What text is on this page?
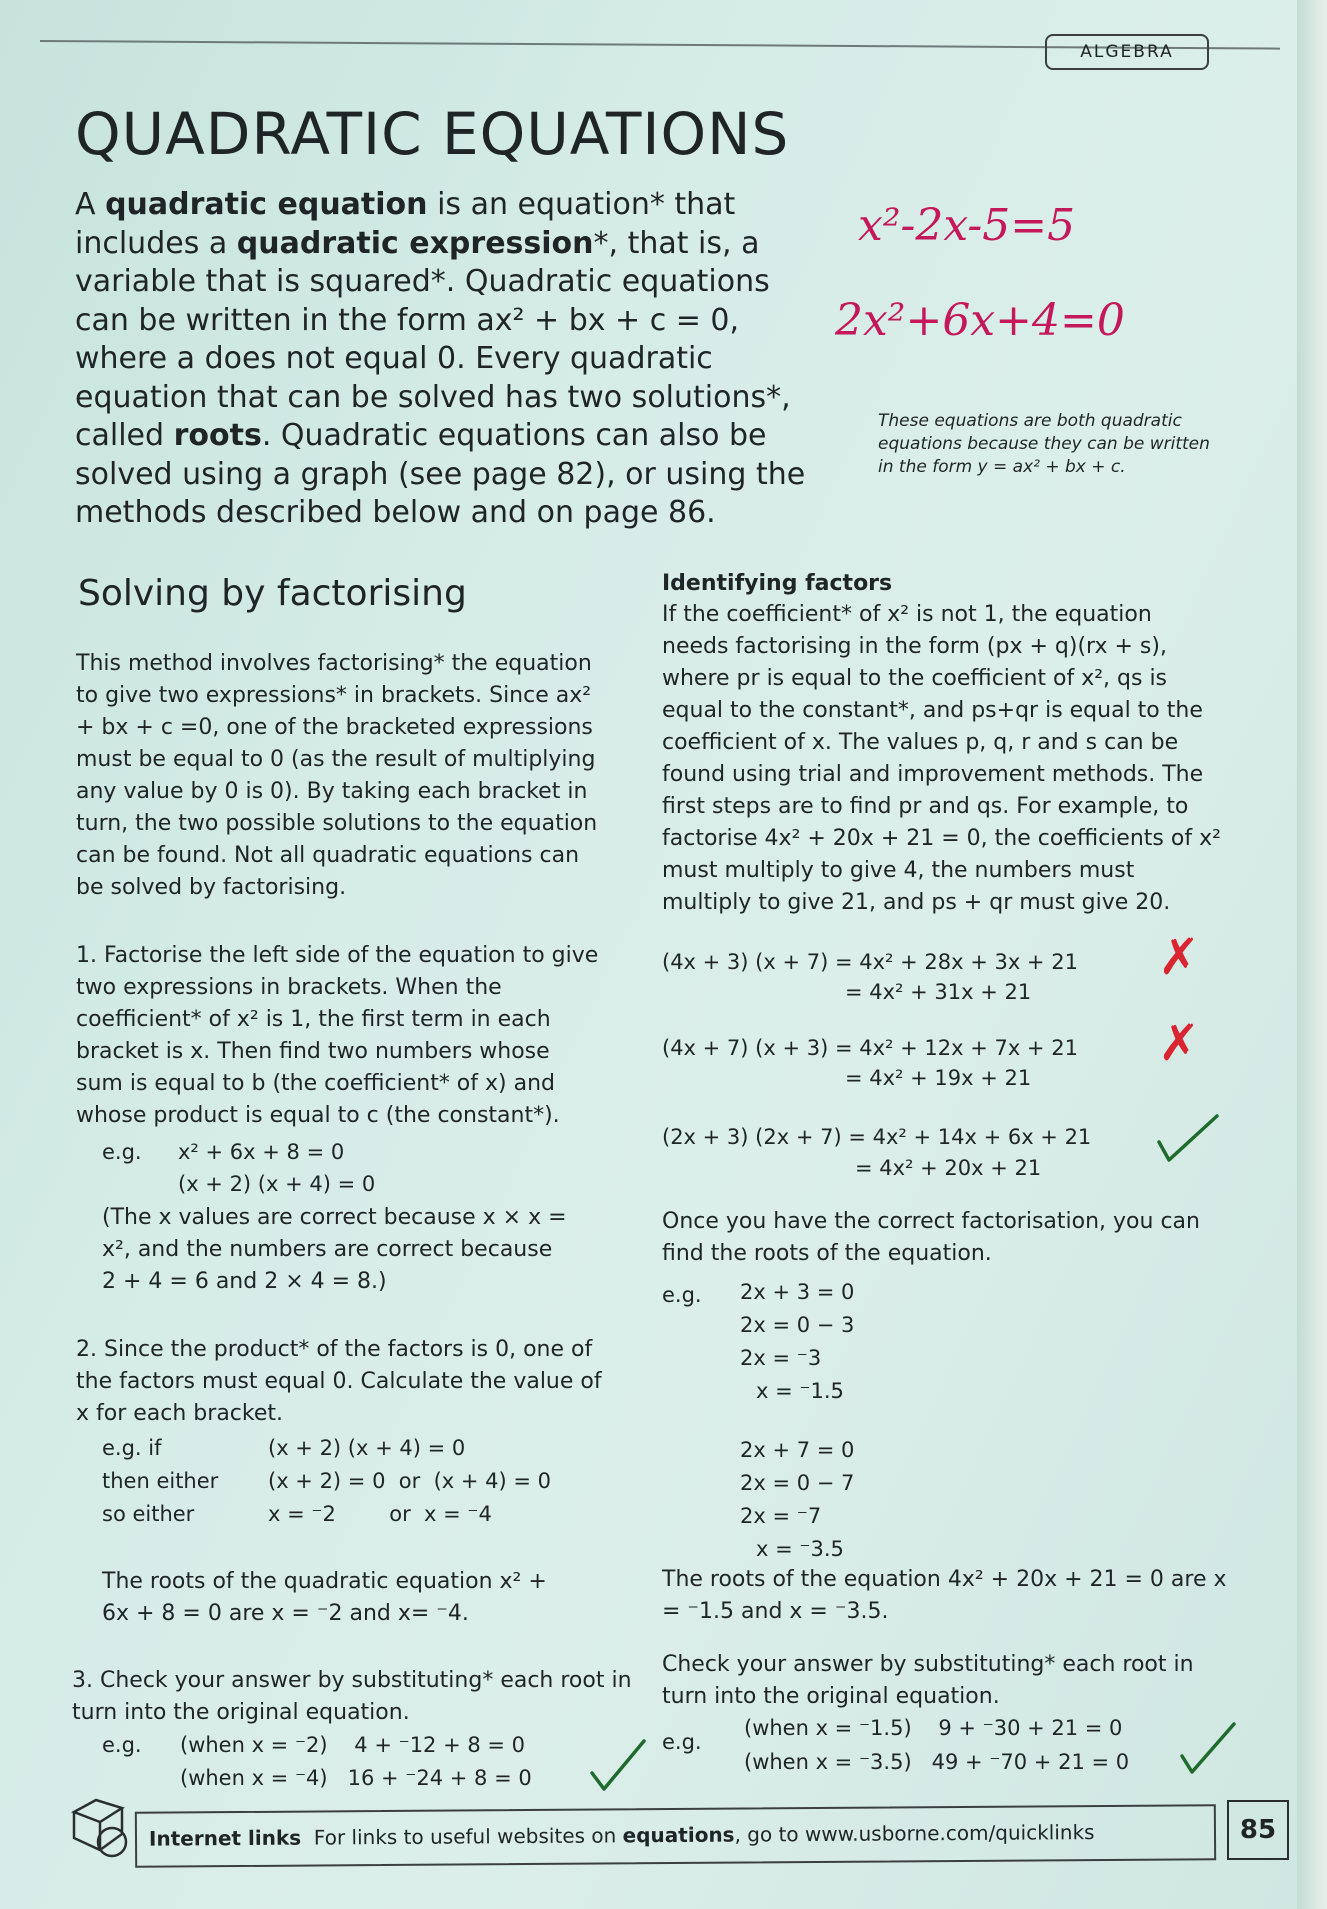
ALGEBRA
QUADRATIC EQUATIONS

A quadratic equation is an equation* that includes a quadratic expression*, that is, a variable that is squared*. Quadratic equations can be written in the form ax² + bx + c = 0, where a does not equal 0. Every quadratic equation that can be solved has two solutions*, called roots. Quadratic equations can also be solved using a graph (see page 82), or using the methods described below and on page 86.

x²-2x-5=5
2x²+6x+4=0
These equations are both quadratic equations because they can be written in the form y = ax² + bx + c.
Solving by factorising

This method involves factorising* the equation to give two expressions* in brackets. Since ax² + bx + c =0, one of the bracketed expressions must be equal to 0 (as the result of multiplying any value by 0 is 0). By taking each bracket in turn, the two possible solutions to the equation can be found. Not all quadratic equations can be solved by factorising.

1. Factorise the left side of the equation to give two expressions in brackets. When the coefficient* of x² is 1, the first term in each bracket is x. Then find two numbers whose sum is equal to b (the coefficient* of x) and whose product is equal to c (the constant*).

e.g. x² + 6x + 8 = 0
(x + 2) (x + 4) = 0

(The x values are correct because x × x = x², and the numbers are correct because 2 + 4 = 6 and 2 × 4 = 8.)

2. Since the product* of the factors is 0, one of the factors must equal 0. Calculate the value of x for each bracket.

e.g. if	(x + 2) (x + 4) = 0
then either (x + 2) = 0  or  (x + 4) = 0
so either	x = ⁻2        or  x = ⁻4

The roots of the quadratic equation x² + 6x + 8 = 0 are x = ⁻2 and x= ⁻4.

3. Check your answer by substituting* each root in turn into the original equation.

e.g. (when x = ⁻2)    4 + ⁻12 + 8 = 0
(when x = ⁻4)   16 + ⁻24 + 8 = 0
Identifying factors

If the coefficient* of x² is not 1, the equation needs factorising in the form (px + q)(rx + s), where pr is equal to the coefficient of x², qs is equal to the constant*, and ps+qr is equal to the coefficient of x. The values p, q, r and s can be found using trial and improvement methods. The first steps are to find pr and qs. For example, to factorise 4x² + 20x + 21 = 0, the coefficients of x² must multiply to give 4, the numbers must multiply to give 21, and ps + qr must give 20.

(4x + 3) (x + 7) = 4x² + 28x + 3x + 21
= 4x² + 31x + 21
✗
(4x + 7) (x + 3) = 4x² + 12x + 7x + 21
= 4x² + 19x + 21
✗
(2x + 3) (2x + 7) = 4x² + 14x + 6x + 21
= 4x² + 20x + 21

Once you have the correct factorisation, you can find the roots of the equation.

e.g. 2x + 3 = 0
2x = 0 − 3
2x = ⁻3
x = ⁻1.5
2x + 7 = 0
2x = 0 − 7
2x = ⁻7
x = ⁻3.5

The roots of the equation 4x² + 20x + 21 = 0 are x = ⁻1.5 and x = ⁻3.5.

Check your answer by substituting* each root in turn into the original equation.

e.g.
(when x = ⁻1.5)    9 + ⁻30 + 21 = 0
(when x = ⁻3.5)   49 + ⁻70 + 21 = 0
Internet links For links to useful websites on equations, go to www.usborne.com/quicklinks	85
